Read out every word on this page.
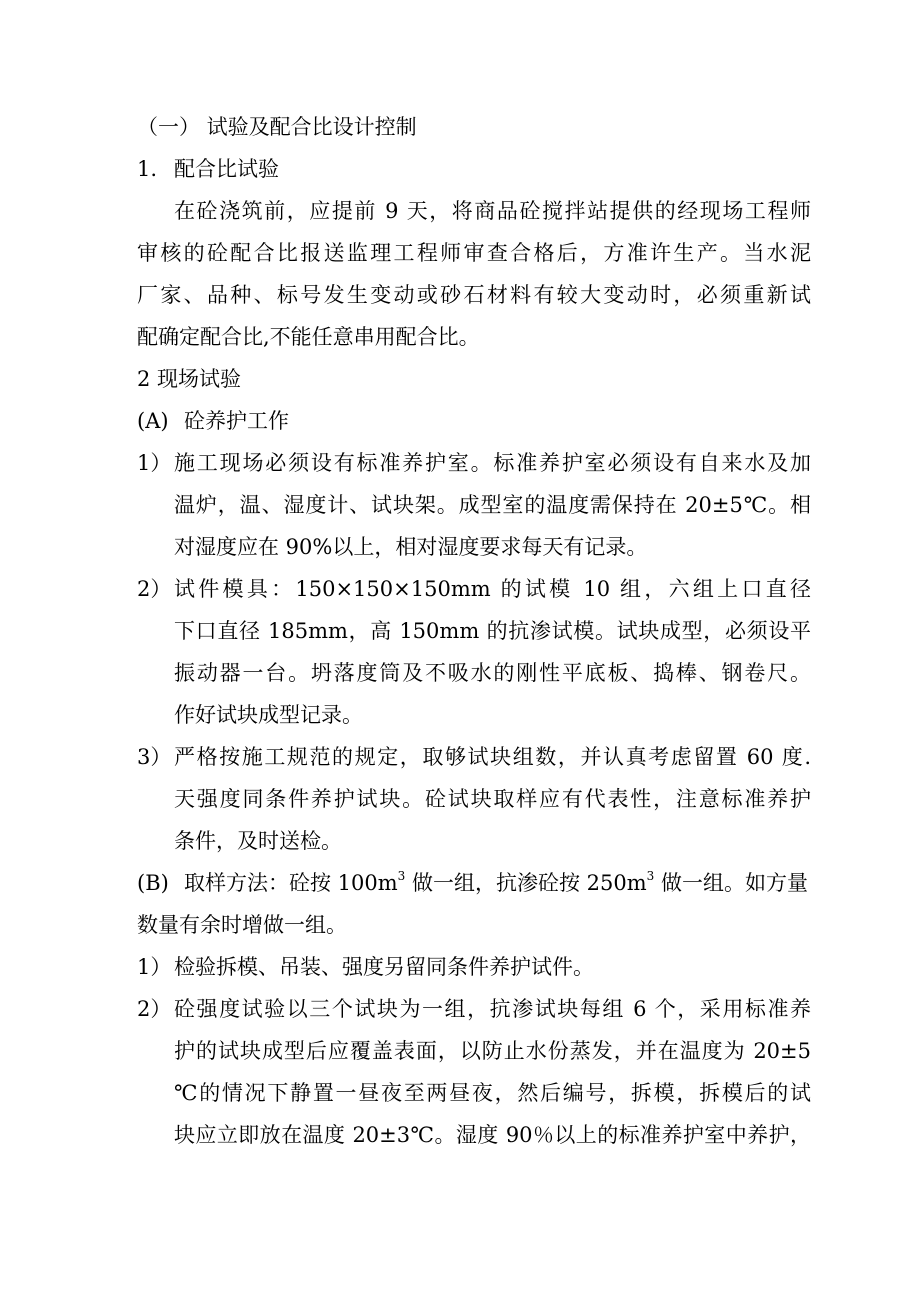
（一） 试验及配合比设计控制
1. 配合比试验
在砼浇筑前，应提前 9 天，将商品砼搅拌站提供的经现场工程师
审核的砼配合比报送监理工程师审查合格后，方准许生产。当水泥
厂家、品种、标号发生变动或砂石材料有较大变动时，必须重新试
配确定配合比,不能任意串用配合比。
2 现场试验
(A) 砼养护工作
1） 施工现场必须设有标准养护室。标准养护室必须设有自来水及加
温炉，温、湿度计、试块架。成型室的温度需保持在 20±5℃。相
对湿度应在 90%以上，相对湿度要求每天有记录。
2） 试件模具：150×150×150mm 的试模 10 组，六组上口直径
下口直径 185mm，高 150mm 的抗渗试模。试块成型，必须设平
振动器一台。坍落度筒及不吸水的刚性平底板、捣棒、钢卷尺。
作好试块成型记录。
3） 严格按施工规范的规定，取够试块组数，并认真考虑留置 60 度.
天强度同条件养护试块。砼试块取样应有代表性，注意标准养护
条件，及时送检。
(B) 取样方法：砼按 $100m^3$ 做一组，抗渗砼按 $250m^3$ 做一组。如方量
数量有余时增做一组。
1） 检验拆模、吊装、强度另留同条件养护试件。
2） 砼强度试验以三个试块为一组，抗渗试块每组 6 个，采用标准养
护的试块成型后应覆盖表面，以防止水份蒸发，并在温度为 20±5
℃的情况下静置一昼夜至两昼夜，然后编号，拆模，拆模后的试
块应立即放在温度 20±3℃。湿度 90％以上的标准养护室中养护，
